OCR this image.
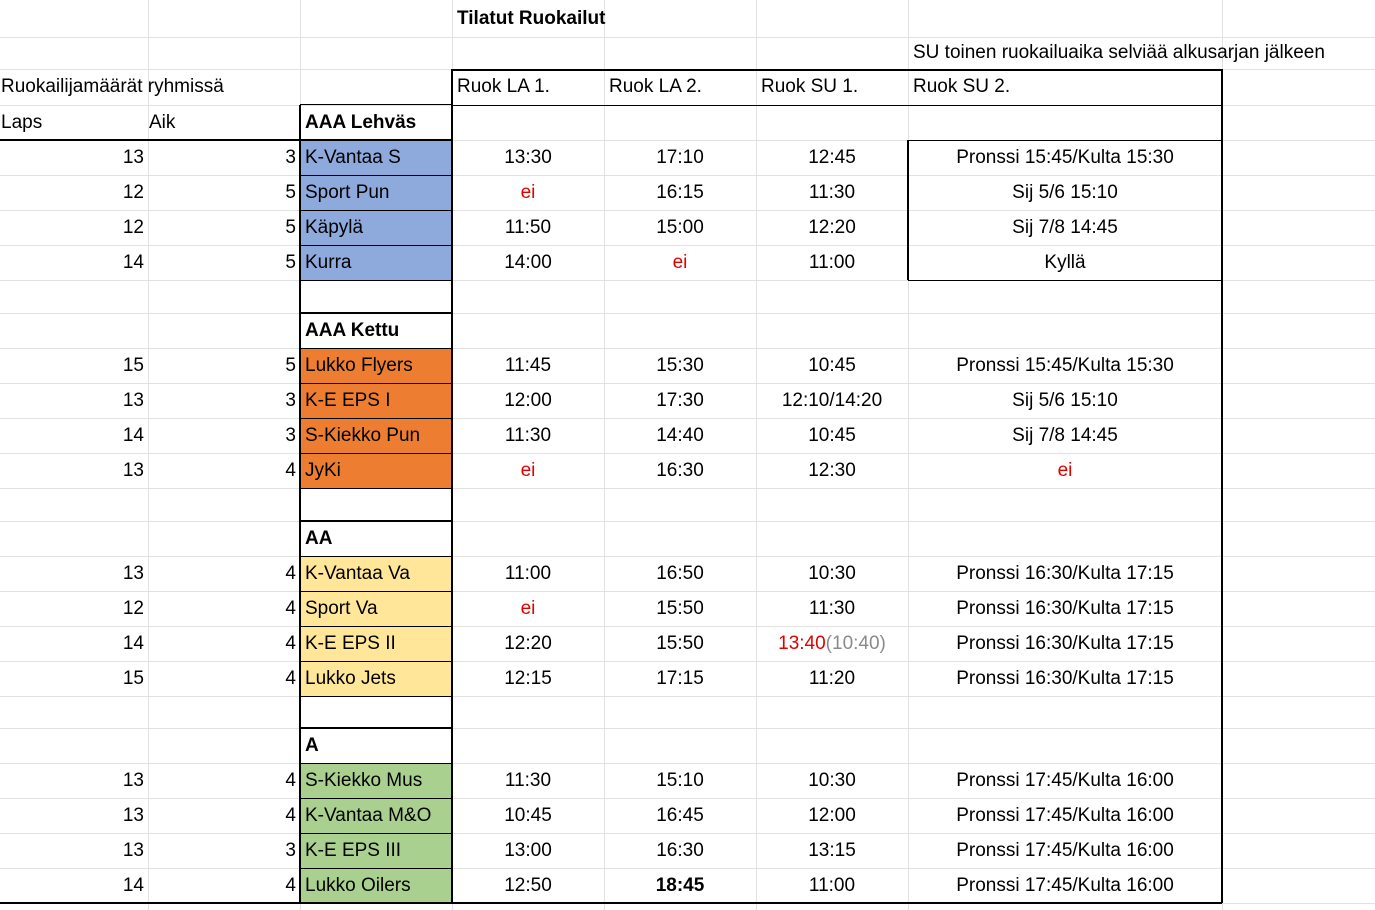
Tilatut Ruokailut
SU toinen ruokailuaika selviää alkusarjan jälkeen
Ruokailijamäärät ryhmissä	Ruok LA 1.	Ruok LA 2.	Ruok SU 1.	Ruok SU 2.
Laps	Aik	AAA Lehväs
13	3 K-Vantaa S	13:30	17:10	12:45	Pronssi 15:45/Kulta 15:30
12	5 Sport Pun	ei	16:15	11:30	Sij 5/6 15:10
12	5 Käpylä	11:50	15:00	12:20	Sij 7/8 14:45
14	5 Kurra	14:00	ei	11:00	Kyllä
AAA Kettu
15	5 Lukko Flyers	11:45	15:30	10:45	Pronssi 15:45/Kulta 15:30
13	3 K-E EPS I	12:00	17:30	12:10/14:20	Sij 5/6 15:10
14	3 S-Kiekko Pun	11:30	14:40	10:45	Sij 7/8 14:45
13	4 JyKi	ei	16:30	12:30	ei
AA
13	4 K-Vantaa Va	11:00	16:50	10:30	Pronssi 16:30/Kulta 17:15
12	4 Sport Va	ei	15:50	11:30	Pronssi 16:30/Kulta 17:15
14	4 K-E EPS II	12:20	15:50	13:40 (10:40)	Pronssi 16:30/Kulta 17:15
15	4 Lukko Jets	12:15	17:15	11:20	Pronssi 16:30/Kulta 17:15
A
13	4 S-Kiekko Mus	11:30	15:10	10:30	Pronssi 17:45/Kulta 16:00
13	4 K-Vantaa M&O	10:45	16:45	12:00	Pronssi 17:45/Kulta 16:00
13	3 K-E EPS III	13:00	16:30	13:15	Pronssi 17:45/Kulta 16:00
14	4 Lukko Oilers	12:50	18:45	11:00	Pronssi 17:45/Kulta 16:00
